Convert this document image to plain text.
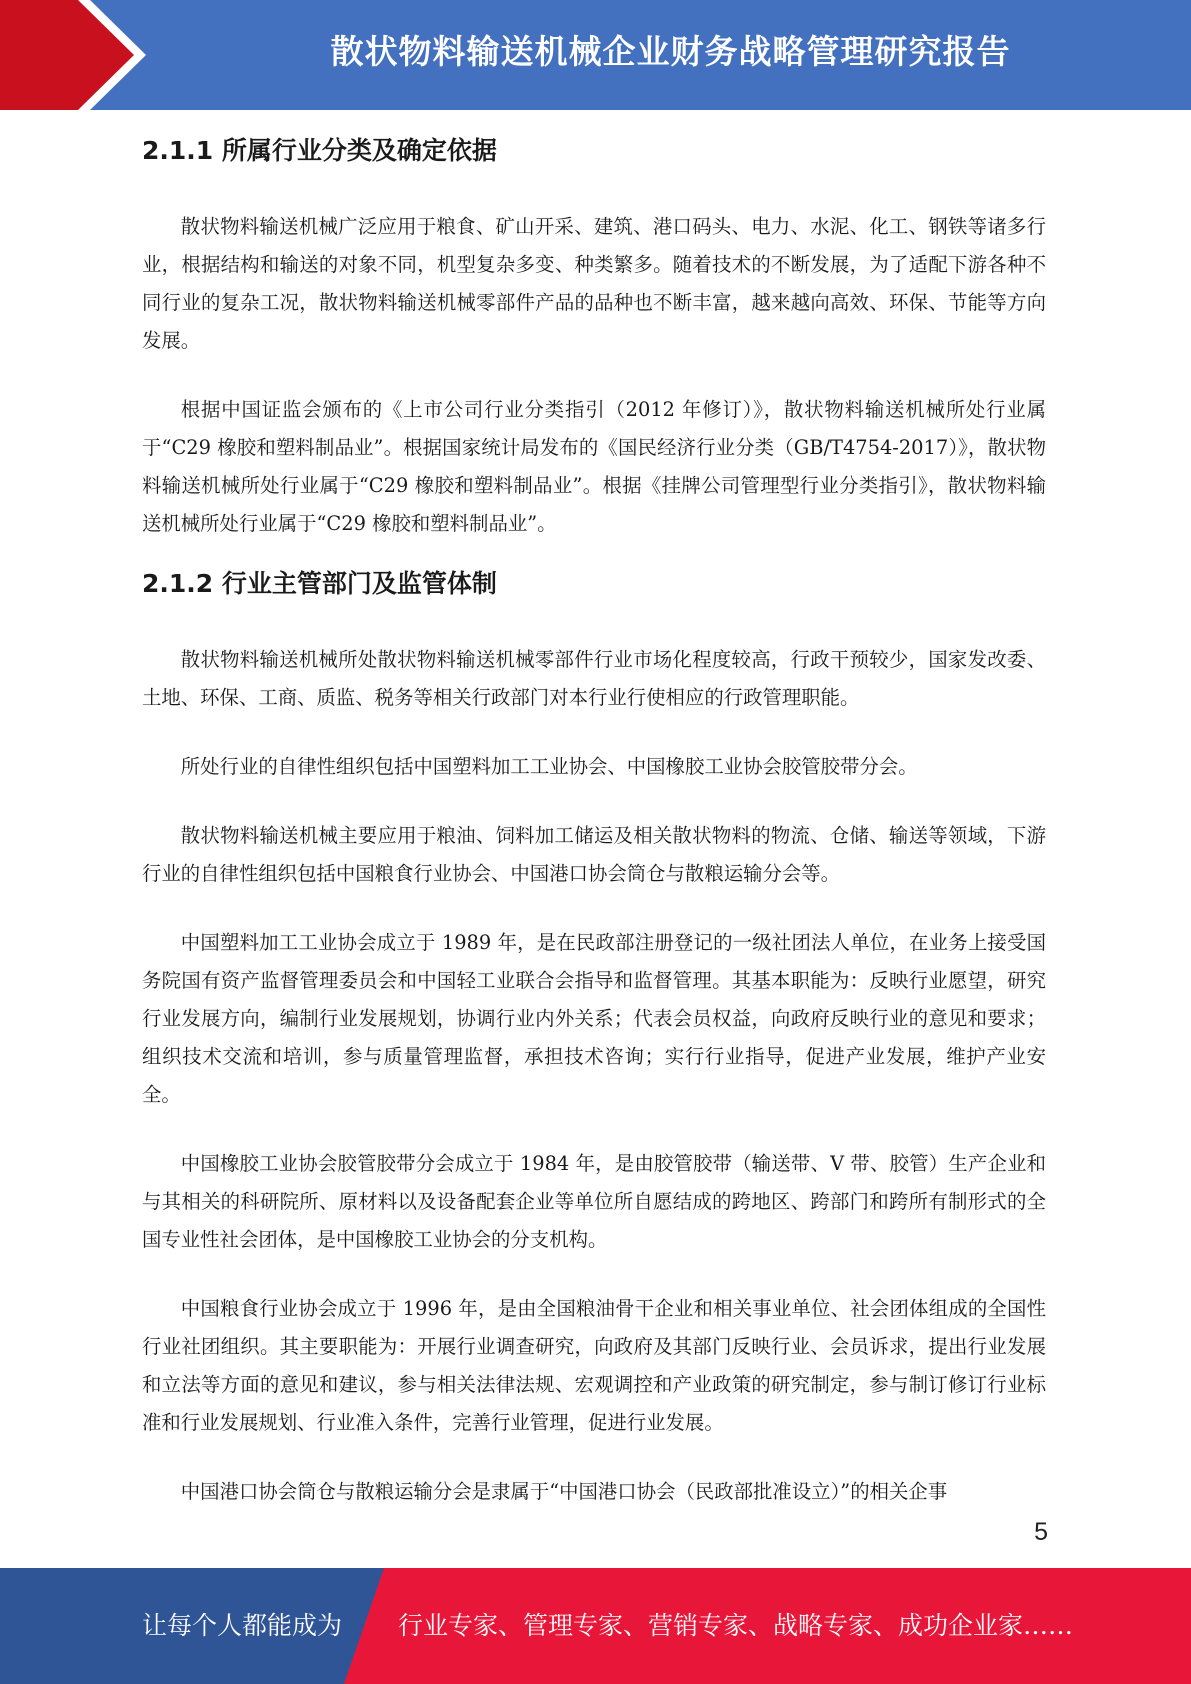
散状物料输送机械企业财务战略管理研究报告
2.1.1 所属行业分类及确定依据

散状物料输送机械广泛应用于粮食、矿山开采、建筑、港口码头、电力、水泥、化工、钢铁等诸多行业，根据结构和输送的对象不同，机型复杂多变、种类繁多。随着技术的不断发展，为了适配下游各种不同行业的复杂工况，散状物料输送机械零部件产品的品种也不断丰富，越来越向高效、环保、节能等方向发展。

根据中国证监会颁布的《上市公司行业分类指引（2012 年修订）》，散状物料输送机械所处行业属于“C29 橡胶和塑料制品业”。根据国家统计局发布的《国民经济行业分类（GB/T4754-2017）》，散状物料输送机械所处行业属于“C29 橡胶和塑料制品业”。根据《挂牌公司管理型行业分类指引》，散状物料输送机械所处行业属于“C29 橡胶和塑料制品业”。

2.1.2 行业主管部门及监管体制

散状物料输送机械所处散状物料输送机械零部件行业市场化程度较高，行政干预较少，国家发改委、土地、环保、工商、质监、税务等相关行政部门对本行业行使相应的行政管理职能。

所处行业的自律性组织包括中国塑料加工工业协会、中国橡胶工业协会胶管胶带分会。

散状物料输送机械主要应用于粮油、饲料加工储运及相关散状物料的物流、仓储、输送等领域，下游行业的自律性组织包括中国粮食行业协会、中国港口协会筒仓与散粮运输分会等。

中国塑料加工工业协会成立于 1989 年，是在民政部注册登记的一级社团法人单位，在业务上接受国务院国有资产监督管理委员会和中国轻工业联合会指导和监督管理。其基本职能为：反映行业愿望，研究行业发展方向，编制行业发展规划，协调行业内外关系；代表会员权益，向政府反映行业的意见和要求；组织技术交流和培训，参与质量管理监督，承担技术咨询；实行行业指导，促进产业发展，维护产业安全。

中国橡胶工业协会胶管胶带分会成立于 1984 年，是由胶管胶带（输送带、V 带、胶管）生产企业和与其相关的科研院所、原材料以及设备配套企业等单位所自愿结成的跨地区、跨部门和跨所有制形式的全国专业性社会团体，是中国橡胶工业协会的分支机构。

中国粮食行业协会成立于 1996 年，是由全国粮油骨干企业和相关事业单位、社会团体组成的全国性行业社团组织。其主要职能为：开展行业调查研究，向政府及其部门反映行业、会员诉求，提出行业发展和立法等方面的意见和建议，参与相关法律法规、宏观调控和产业政策的研究制定，参与制订修订行业标准和行业发展规划、行业准入条件，完善行业管理，促进行业发展。

中国港口协会筒仓与散粮运输分会是隶属于“中国港口协会（民政部批准设立）”的相关企事

5
让每个人都能成为 行业专家、管理专家、营销专家、战略专家、成功企业家……
